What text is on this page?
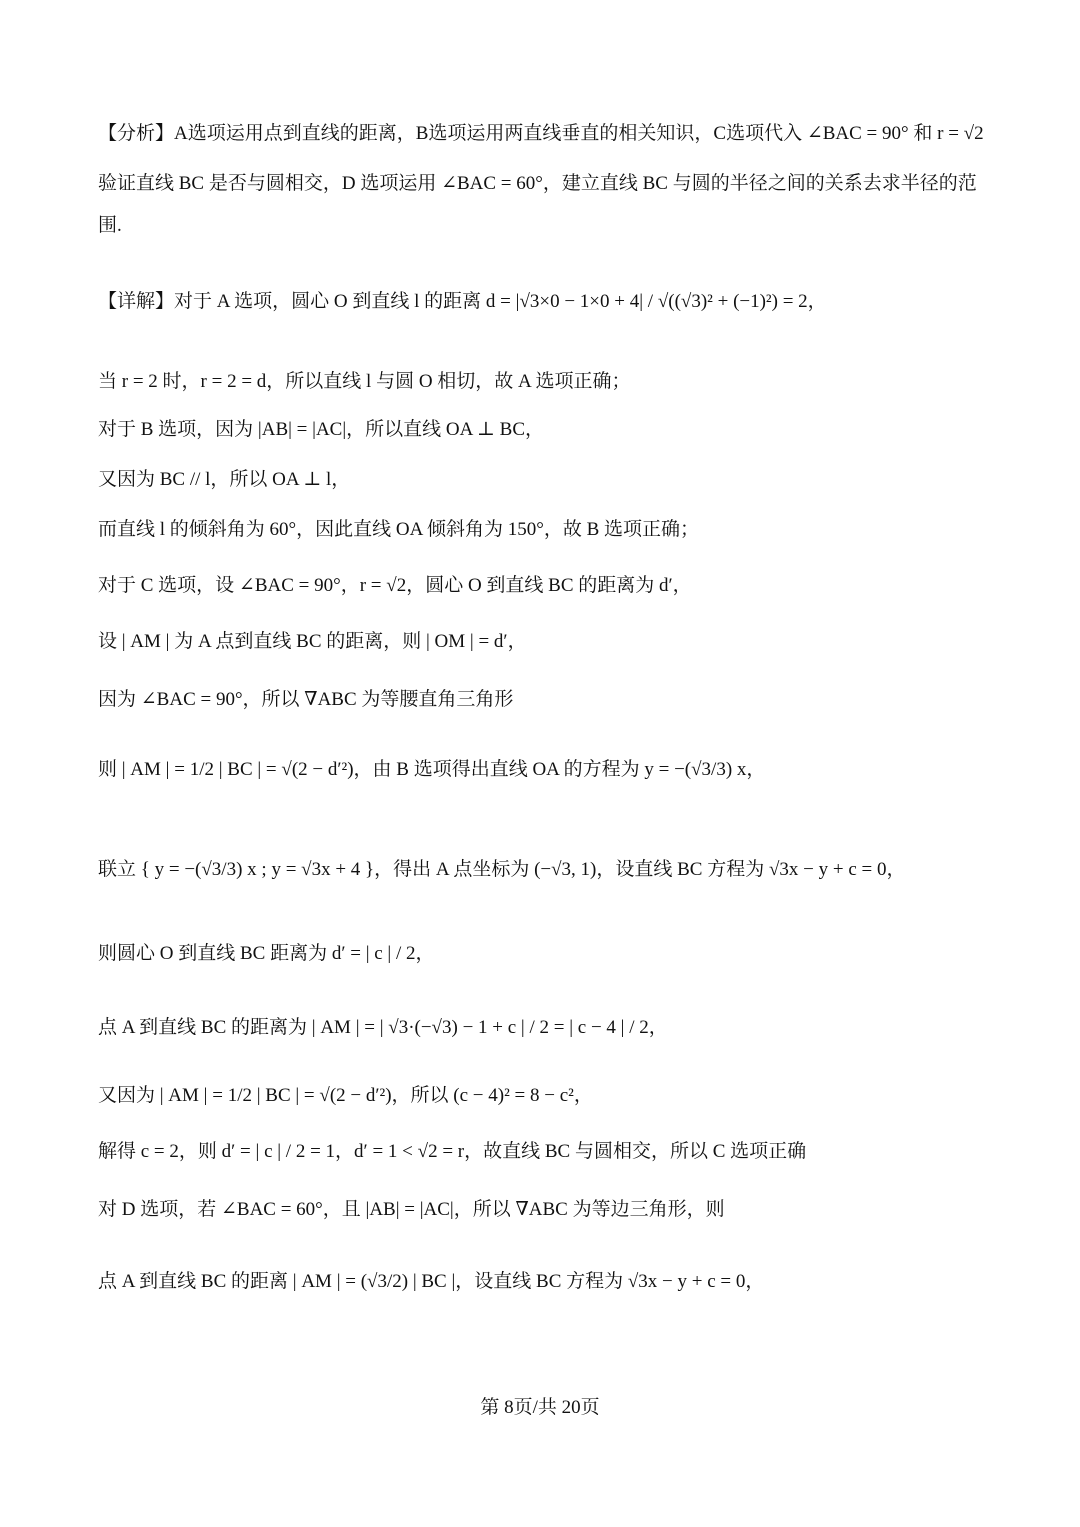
【分析】A选项运用点到直线的距离，B选项运用两直线垂直的相关知识，C选项代入 ∠BAC = 90° 和 r = √2
验证直线 BC 是否与圆相交，D 选项运用 ∠BAC = 60°，建立直线 BC 与圆的半径之间的关系去求半径的范
围.
【详解】对于 A 选项，圆心 O 到直线 l 的距离 d = |√3×0 − 1×0 + 4| / √((√3)² + (−1)²) = 2，
当 r = 2 时，r = 2 = d，所以直线 l 与圆 O 相切，故 A 选项正确；
对于 B 选项，因为 |AB| = |AC|，所以直线 OA ⊥ BC，
又因为 BC // l，所以 OA ⊥ l，
而直线 l 的倾斜角为 60°，因此直线 OA 倾斜角为 150°，故 B 选项正确；
对于 C 选项，设 ∠BAC = 90°，r = √2，圆心 O 到直线 BC 的距离为 d′，
设 | AM | 为 A 点到直线 BC 的距离，则 | OM | = d′，
因为 ∠BAC = 90°，所以 ∇ABC 为等腰直角三角形
则 | AM | = 1/2 | BC | = √(2 − d′²)，由 B 选项得出直线 OA 的方程为 y = −(√3/3) x，
联立 { y = −(√3/3) x ; y = √3x + 4 }，得出 A 点坐标为 (−√3, 1)，设直线 BC 方程为 √3x − y + c = 0，
则圆心 O 到直线 BC 距离为 d′ = | c | / 2，
点 A 到直线 BC 的距离为 | AM | = | √3·(−√3) − 1 + c | / 2 = | c − 4 | / 2，
又因为 | AM | = 1/2 | BC | = √(2 − d′²)，所以 (c − 4)² = 8 − c²，
解得 c = 2，则 d′ = | c | / 2 = 1，d′ = 1 < √2 = r，故直线 BC 与圆相交，所以 C 选项正确
对 D 选项，若 ∠BAC = 60°，且 |AB| = |AC|，所以 ∇ABC 为等边三角形，则
点 A 到直线 BC 的距离 | AM | = (√3/2) | BC |，设直线 BC 方程为 √3x − y + c = 0，
第 8页/共 20页
